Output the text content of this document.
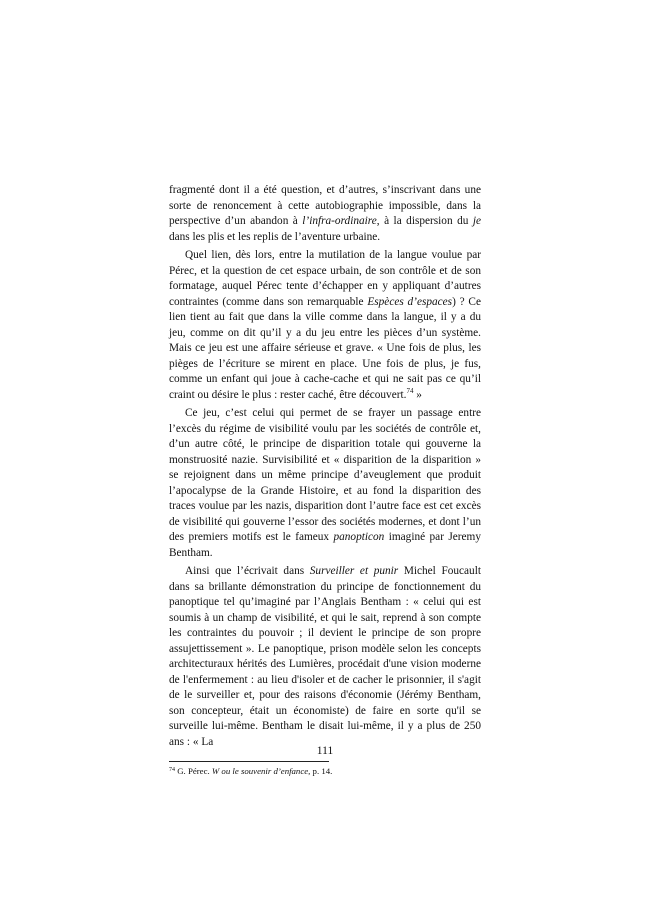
fragmenté dont il a été question, et d’autres, s’inscrivant dans une sorte de renoncement à cette autobiographie impossible, dans la perspective d’un abandon à l’infra-ordinaire, à la dispersion du je dans les plis et les replis de l’aventure urbaine.

Quel lien, dès lors, entre la mutilation de la langue voulue par Pérec, et la question de cet espace urbain, de son contrôle et de son formatage, auquel Pérec tente d’échapper en y appliquant d’autres contraintes (comme dans son remarquable Espèces d’espaces) ? Ce lien tient au fait que dans la ville comme dans la langue, il y a du jeu, comme on dit qu’il y a du jeu entre les pièces d’un système. Mais ce jeu est une affaire sérieuse et grave. « Une fois de plus, les pièges de l’écriture se mirent en place. Une fois de plus, je fus, comme un enfant qui joue à cache-cache et qui ne sait pas ce qu’il craint ou désire le plus : rester caché, être découvert.$^{74}$ »

Ce jeu, c’est celui qui permet de se frayer un passage entre l’excès du régime de visibilité voulu par les sociétés de contrôle et, d’un autre côté, le principe de disparition totale qui gouverne la monstruosité nazie. Survisibilité et « disparition de la disparition » se rejoignent dans un même principe d’aveuglement que produit l’apocalypse de la Grande Histoire, et au fond la disparition des traces voulue par les nazis, disparition dont l’autre face est cet excès de visibilité qui gouverne l’essor des sociétés modernes, et dont l’un des premiers motifs est le fameux panopticon imaginé par Jeremy Bentham.

Ainsi que l’écrivait dans Surveiller et punir Michel Foucault dans sa brillante démonstration du principe de fonctionnement du panoptique tel qu’imaginé par l’Anglais Bentham : « celui qui est soumis à un champ de visibilité, et qui le sait, reprend à son compte les contraintes du pouvoir ; il devient le principe de son propre assujettissement ». Le panoptique, prison modèle selon les concepts architecturaux hérités des Lumières, procédait d'une vision moderne de l'enfermement : au lieu d'isoler et de cacher le prisonnier, il s'agit de le surveiller et, pour des raisons d'économie (Jérémy Bentham, son concepteur, était un économiste) de faire en sorte qu'il se surveille lui-même. Bentham le disait lui-même, il y a plus de 250 ans : « La

$^{74}$ G. Pérec. W ou le souvenir d’enfance, p. 14.

111
